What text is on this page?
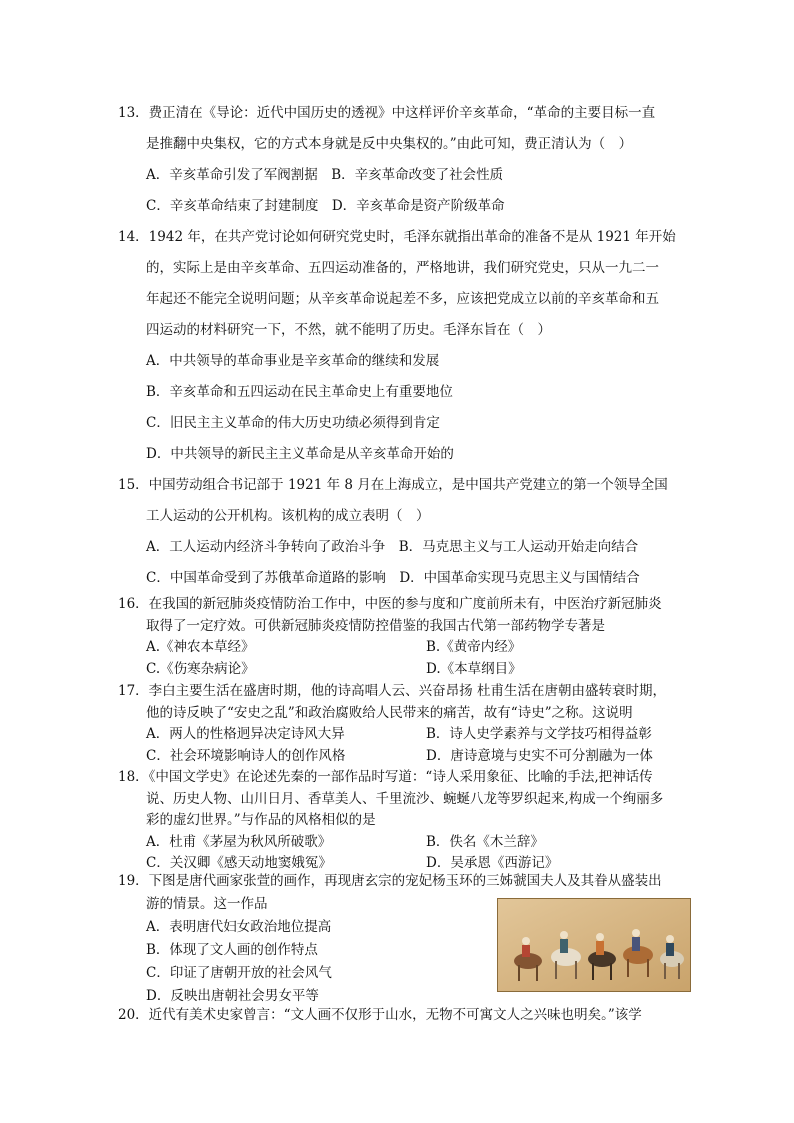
13．费正清在《导论：近代中国历史的透视》中这样评价辛亥革命，“革命的主要目标一直
是推翻中央集权，它的方式本身就是反中央集权的。”由此可知，费正清认为（　）
A．辛亥革命引发了军阀割据　B．辛亥革命改变了社会性质
C．辛亥革命结束了封建制度　D．辛亥革命是资产阶级革命
14．1942 年，在共产党讨论如何研究党史时，毛泽东就指出革命的准备不是从 1921 年开始
的，实际上是由辛亥革命、五四运动准备的，严格地讲，我们研究党史，只从一九二一
年起还不能完全说明问题；从辛亥革命说起差不多，应该把党成立以前的辛亥革命和五
四运动的材料研究一下，不然，就不能明了历史。毛泽东旨在（　）
A．中共领导的革命事业是辛亥革命的继续和发展
B．辛亥革命和五四运动在民主革命史上有重要地位
C．旧民主主义革命的伟大历史功绩必须得到肯定
D．中共领导的新民主主义革命是从辛亥革命开始的
15．中国劳动组合书记部于 1921 年 8 月在上海成立，是中国共产党建立的第一个领导全国
工人运动的公开机构。该机构的成立表明（　）
A．工人运动内经济斗争转向了政治斗争　B．马克思主义与工人运动开始走向结合
C．中国革命受到了苏俄革命道路的影响　D．中国革命实现马克思主义与国情结合
16．在我国的新冠肺炎疫情防治工作中，中医的参与度和广度前所未有，中医治疗新冠肺炎
取得了一定疗效。可供新冠肺炎疫情防控借鉴的我国古代第一部药物学专著是
A.《神农本草经》	B.《黄帝内经》
C.《伤寒杂病论》	D.《本草纲目》
17．李白主要生活在盛唐时期，他的诗高唱人云、兴奋昂扬 杜甫生活在唐朝由盛转衰时期，
他的诗反映了“安史之乱”和政治腐败给人民带来的痛苦，故有“诗史”之称。这说明
A．两人的性格迥异决定诗风大异	B．诗人史学素养与文学技巧相得益彰
C．社会环境影响诗人的创作风格	D．唐诗意境与史实不可分割融为一体
18．《中国文学史》在论述先秦的一部作品时写道：“诗人采用象征、比喻的手法,把神话传
说、历史人物、山川日月、香草美人、千里流沙、蜿蜒八龙等罗织起来,构成一个绚丽多
彩的虚幻世界。”与作品的风格相似的是
A．杜甫《茅屋为秋风所破歌》	B．佚名《木兰辞》
C．关汉卿《感天动地窦娥冤》	D．吴承恩《西游记》
19．下图是唐代画家张萱的画作，再现唐玄宗的宠妃杨玉环的三姊虢国夫人及其眷从盛装出
游的情景。这一作品
A．表明唐代妇女政治地位提高
B．体现了文人画的创作特点
C．印证了唐朝开放的社会风气
D．反映出唐朝社会男女平等
20．近代有美术史家曾言：“文人画不仅形于山水，无物不可寓文人之兴味也明矣。”该学
